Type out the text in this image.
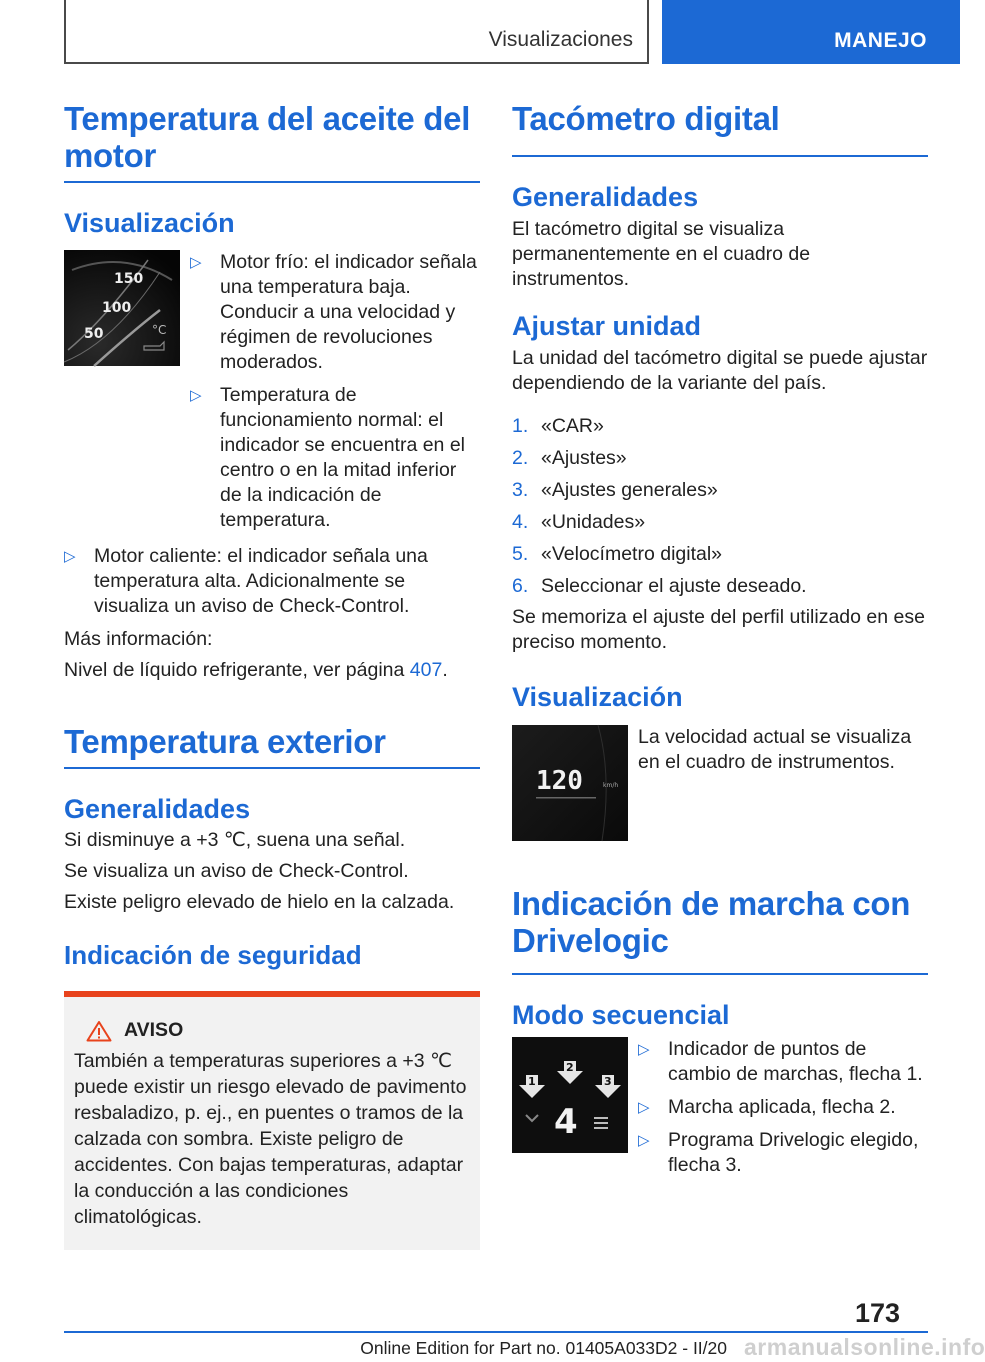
Visualizaciones	MANEJO
Temperatura del aceite del motor
Visualización
150
100
50	°C
▷ Motor frío: el indicador señala una temperatura baja. Conducir a una velocidad y régimen de revoluciones moderados.
▷ Temperatura de funcionamiento normal: el indicador se encuentra en el centro o en la mitad inferior de la indicación de temperatura.
▷ Motor caliente: el indicador señala una temperatura alta. Adicionalmente se visualiza un aviso de Check-Control.

Más información:

Nivel de líquido refrigerante, ver página 407.

Temperatura exterior
Generalidades

Si disminuye a +3 ℃, suena una señal.

Se visualiza un aviso de Check-Control.

Existe peligro elevado de hielo en la calzada.

Indicación de seguridad
AVISO

También a temperaturas superiores a +3 ℃ puede existir un riesgo elevado de pavimento resbaladizo, p. ej., en puentes o tramos de la calzada con sombra. Existe peligro de accidentes. Con bajas temperaturas, adaptar la conducción a las condiciones climatológicas.

Tacómetro digital
Generalidades

El tacómetro digital se visualiza permanentemente en el cuadro de instrumentos.

Ajustar unidad

La unidad del tacómetro digital se puede ajustar dependiendo de la variante del país.

1. «CAR»
2. «Ajustes»
3. «Ajustes generales»
4. «Unidades»
5. «Velocímetro digital»
6. Seleccionar el ajuste deseado.

Se memoriza el ajuste del perfil utilizado en ese preciso momento.

Visualización
120	km/h

La velocidad actual se visualiza en el cuadro de instrumentos.

Indicación de marcha con Drivelogic
Modo secuencial
1
2
3
4
▷ Indicador de puntos de cambio de marchas, flecha 1.
▷ Marcha aplicada, flecha 2.
▷ Programa Drivelogic elegido, flecha 3.
173
armanualsonline.info
Online Edition for Part no. 01405A033D2 - II/20
